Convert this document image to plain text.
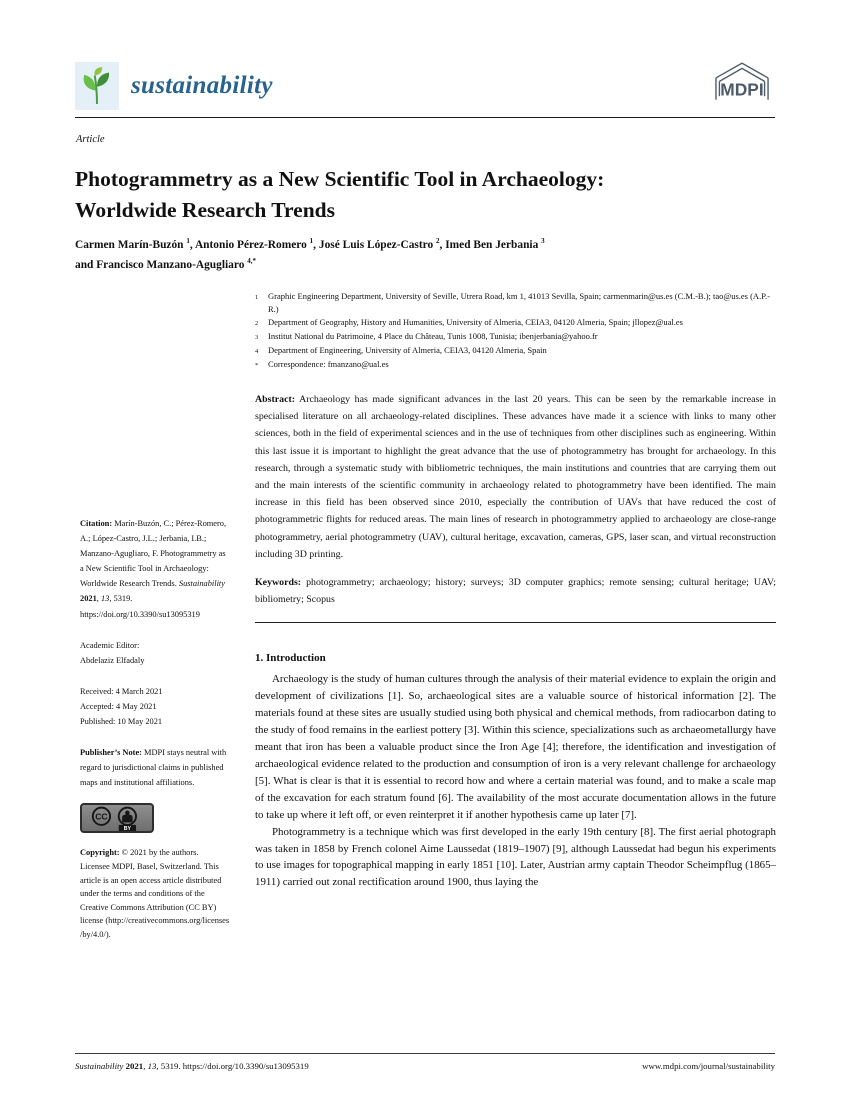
sustainability	MDPI
Article
Photogrammetry as a New Scientific Tool in Archaeology:
Worldwide Research Trends
Carmen Marín-Buzón $^1$, Antonio Pérez-Romero $^1$, José Luis López-Castro $^2$, Imed Ben Jerbania $^3$
and Francisco Manzano-Agugliaro $^{4,*}$
1	Graphic Engineering Department, University of Seville, Utrera Road, km 1, 41013 Sevilla, Spain; carmenmarin@us.es (C.M.-B.); tao@us.es (A.P.-R.)
2	Department of Geography, History and Humanities, University of Almeria, CEIA3, 04120 Almeria, Spain; jllopez@ual.es
3	Institut National du Patrimoine, 4 Place du Château, Tunis 1008, Tunisia; ibenjerbania@yahoo.fr
4	Department of Engineering, University of Almeria, CEIA3, 04120 Almeria, Spain
*	Correspondence: fmanzano@ual.es

Abstract: Archaeology has made significant advances in the last 20 years. This can be seen by the remarkable increase in specialised literature on all archaeology-related disciplines. These advances have made it a science with links to many other sciences, both in the field of experimental sciences and in the use of techniques from other disciplines such as engineering. Within this last issue it is important to highlight the great advance that the use of photogrammetry has brought for archaeology. In this research, through a systematic study with bibliometric techniques, the main institutions and countries that are carrying them out and the main interests of the scientific community in archaeology related to photogrammetry have been identified. The main increase in this field has been observed since 2010, especially the contribution of UAVs that have reduced the cost of photogrammetric flights for reduced areas. The main lines of research in photogrammetry applied to archaeology are close-range photogrammetry, aerial photogrammetry (UAV), cultural heritage, excavation, cameras, GPS, laser scan, and virtual reconstruction including 3D printing.

Keywords: photogrammetry; archaeology; history; surveys; 3D computer graphics; remote sensing; cultural heritage; UAV; bibliometry; Scopus

1. Introduction

Archaeology is the study of human cultures through the analysis of their material evidence to explain the origin and development of civilizations [1]. So, archaeological sites are a valuable source of historical information [2]. The materials found at these sites are usually studied using both physical and chemical methods, from radiocarbon dating to the study of food remains in the earliest pottery [3]. Within this science, specializations such as archaeometallurgy have meant that iron has been a valuable product since the Iron Age [4]; therefore, the identification and investigation of archaeological evidence related to the production and consumption of iron is a very relevant challenge for archaeology [5]. What is clear is that it is essential to record how and where a certain material was found, and to make a scale map of the excavation for each stratum found [6]. The availability of the most accurate documentation allows in the future to take up where it left off, or even reinterpret it if another hypothesis came up later [7].

Photogrammetry is a technique which was first developed in the early 19th century [8]. The first aerial photograph was taken in 1858 by French colonel Aime Laussedat (1819–1907) [9], although Laussedat had begun his experiments to use images for topographical mapping in early 1851 [10]. Later, Austrian army captain Theodor Scheimpflug (1865–1911) carried out zonal rectification around 1900, thus laying the

Citation: Marín-Buzón, C.; Pérez-Romero, A.; López-Castro, J.L.; Jerbania, I.B.; Manzano-Agugliaro, F. Photogrammetry as a New Scientific Tool in Archaeology: Worldwide Research Trends. Sustainability 2021, 13, 5319. https://doi.org/10.3390/su13095319
Academic Editor:
Abdelaziz Elfadaly
Received: 4 March 2021
Accepted: 4 May 2021
Published: 10 May 2021
Publisher’s Note: MDPI stays neutral with regard to jurisdictional claims in published maps and institutional affiliations.
CC
BY
Copyright: © 2021 by the authors. Licensee MDPI, Basel, Switzerland. This article is an open access article distributed under the terms and conditions of the Creative Commons Attribution (CC BY) license (http://creativecommons.org/licenses /by/4.0/).
Sustainability 2021, 13, 5319. https://doi.org/10.3390/su13095319	www.mdpi.com/journal/sustainability
